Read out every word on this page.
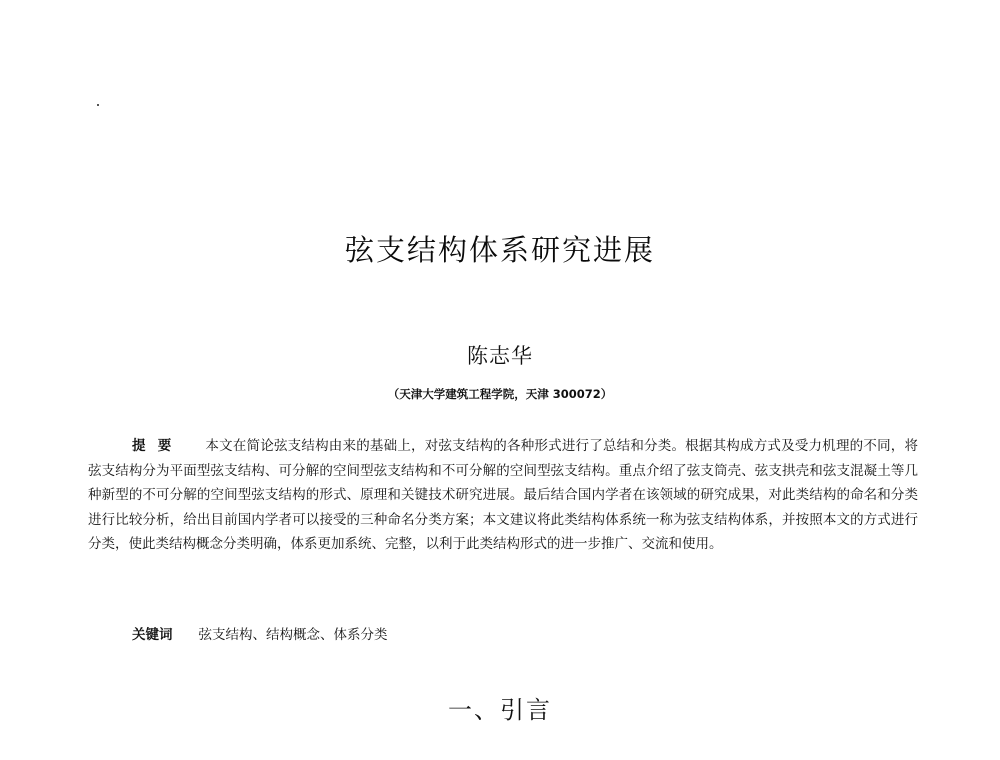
弦支结构体系研究进展
陈志华
（天津大学建筑工程学院，天津 300072）
提要 本文在简论弦支结构由来的基础上，对弦支结构的各种形式进行了总结和分类。根据其构成方式及受力机理的不同，将弦支结构分为平面型弦支结构、可分解的空间型弦支结构和不可分解的空间型弦支结构。重点介绍了弦支筒壳、弦支拱壳和弦支混凝土等几种新型的不可分解的空间型弦支结构的形式、原理和关键技术研究进展。最后结合国内学者在该领域的研究成果，对此类结构的命名和分类进行比较分析，给出目前国内学者可以接受的三种命名分类方案；本文建议将此类结构体系统一称为弦支结构体系，并按照本文的方式进行分类，使此类结构概念分类明确，体系更加系统、完整，以利于此类结构形式的进一步推广、交流和使用。
关键词 弦支结构、结构概念、体系分类
一、引言
